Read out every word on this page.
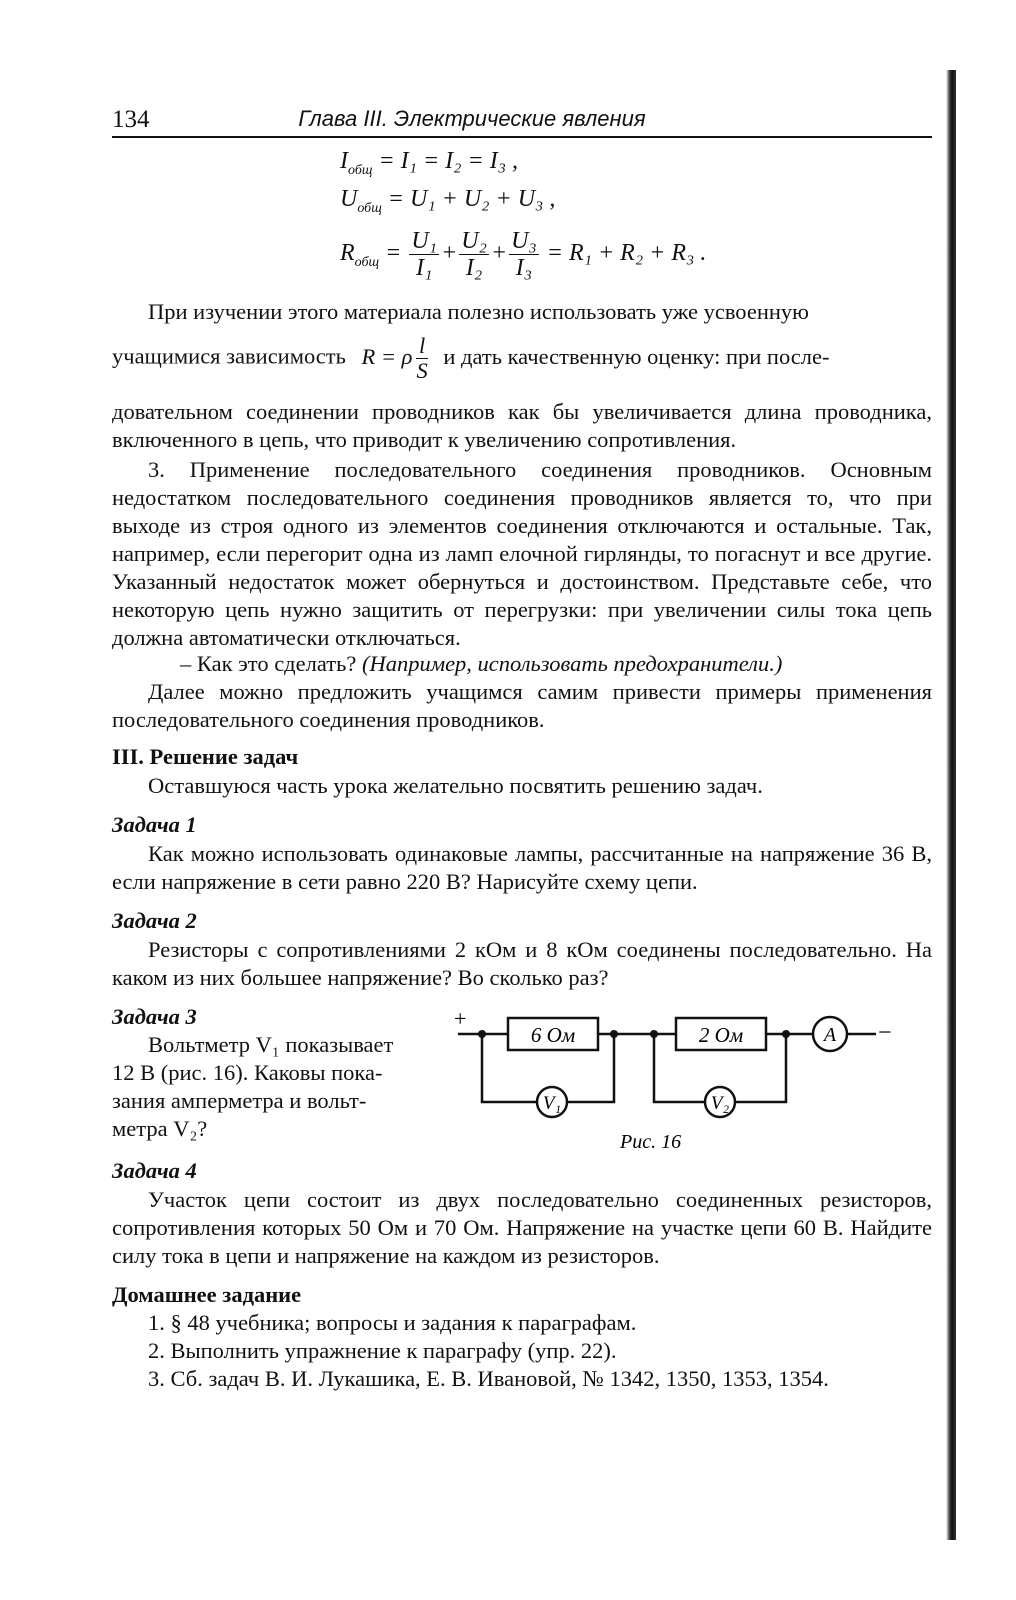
134	Глава III. Электрические явления
$I_{общ} = I_1 = I_2 = I_3$ ,
$U_{общ} = U_1 + U_2 + U_3$ ,
$R_{общ} = \frac{\text{U₁}}{\text{I₁}} + \frac{\text{U₂}}{\text{I₂}} + \frac{\text{U₃}}{\text{I₃}} = R_1 + R_2 + R_3$ .
При изучении этого материала полезно использовать уже усвоенную
учащимися зависимость R = ρ $\frac{l}{S}$ и дать качественную оценку: при после-
довательном соединении проводников как бы увеличивается длина проводника, включенного в цепь, что приводит к увеличению сопротивления.
3. Применение последовательного соединения проводников. Основным недостатком последовательного соединения проводников является то, что при выходе из строя одного из элементов соединения отключаются и остальные. Так, например, если перегорит одна из ламп елочной гирлянды, то погаснут и все другие. Указанный недостаток может обернуться и достоинством. Представьте себе, что некоторую цепь нужно защитить от перегрузки: при увеличении силы тока цепь должна автоматически отключаться.
– Как это сделать? (Например, использовать предохранители.)
Далее можно предложить учащимся самим привести примеры применения последовательного соединения проводников.
III. Решение задач
Оставшуюся часть урока желательно посвятить решению задач.
Задача 1
Как можно использовать одинаковые лампы, рассчитанные на напряжение 36 В, если напряжение в сети равно 220 В? Нарисуйте схему цепи.
Задача 2
Резисторы с сопротивлениями 2 кОм и 8 кОм соединены последовательно. На каком из них большее напряжение? Во сколько раз?
Задача 3
Вольтметр V₁ показывает
12 В (рис. 16). Каковы пока-
зания амперметра и вольт-
метра V₂?
+
−
6 Ом	2 Ом
V₁	V₂
A
Рис. 16
Задача 4
Участок цепи состоит из двух последовательно соединенных резисторов, сопротивления которых 50 Ом и 70 Ом. Напряжение на участке цепи 60 В. Найдите силу тока в цепи и напряжение на каждом из резисторов.
Домашнее задание
1. § 48 учебника; вопросы и задания к параграфам.
2. Выполнить упражнение к параграфу (упр. 22).
3. Сб. задач В. И. Лукашика, Е. В. Ивановой, № 1342, 1350, 1353, 1354.
